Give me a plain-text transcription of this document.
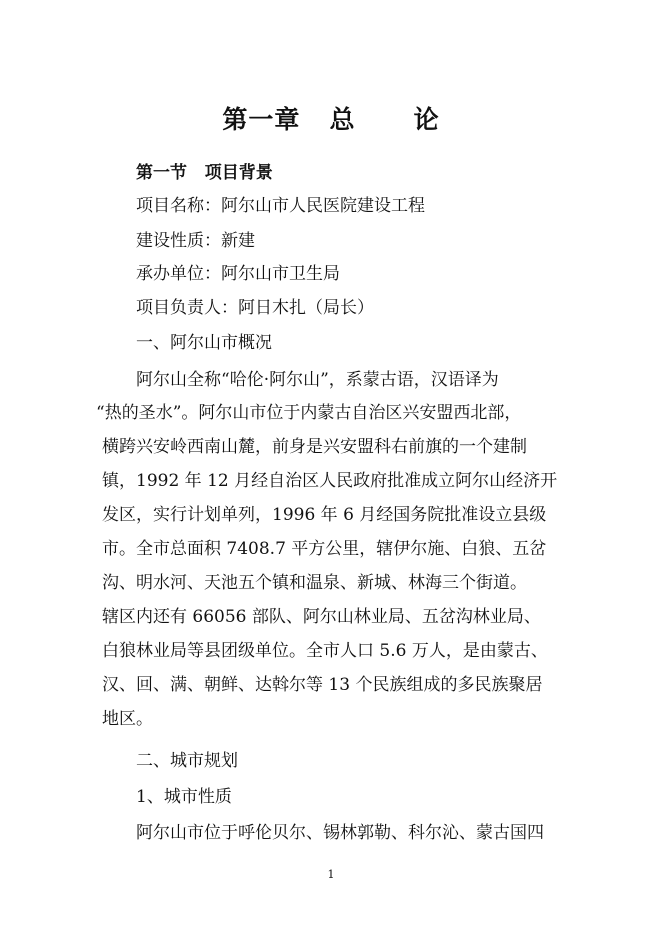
第一章   总      论
第一节   项目背景

项目名称：阿尔山市人民医院建设工程

建设性质：新建

承办单位：阿尔山市卫生局

项目负责人：阿日木扎（局长）

一、阿尔山市概况

阿尔山全称“哈伦·阿尔山”，系蒙古语，汉语译为

“热的圣水”。阿尔山市位于内蒙古自治区兴安盟西北部，

横跨兴安岭西南山麓，前身是兴安盟科右前旗的一个建制

镇，1992 年 12 月经自治区人民政府批准成立阿尔山经济开

发区，实行计划单列，1996 年 6 月经国务院批准设立县级

市。全市总面积 7408.7 平方公里，辖伊尔施、白狼、五岔

沟、明水河、天池五个镇和温泉、新城、林海三个街道。

辖区内还有 66056 部队、阿尔山林业局、五岔沟林业局、

白狼林业局等县团级单位。全市人口 5.6 万人，是由蒙古、

汉、回、满、朝鲜、达斡尔等 13 个民族组成的多民族聚居

地区。

二、城市规划

1、城市性质

阿尔山市位于呼伦贝尔、锡林郭勒、科尔沁、蒙古国四

1
